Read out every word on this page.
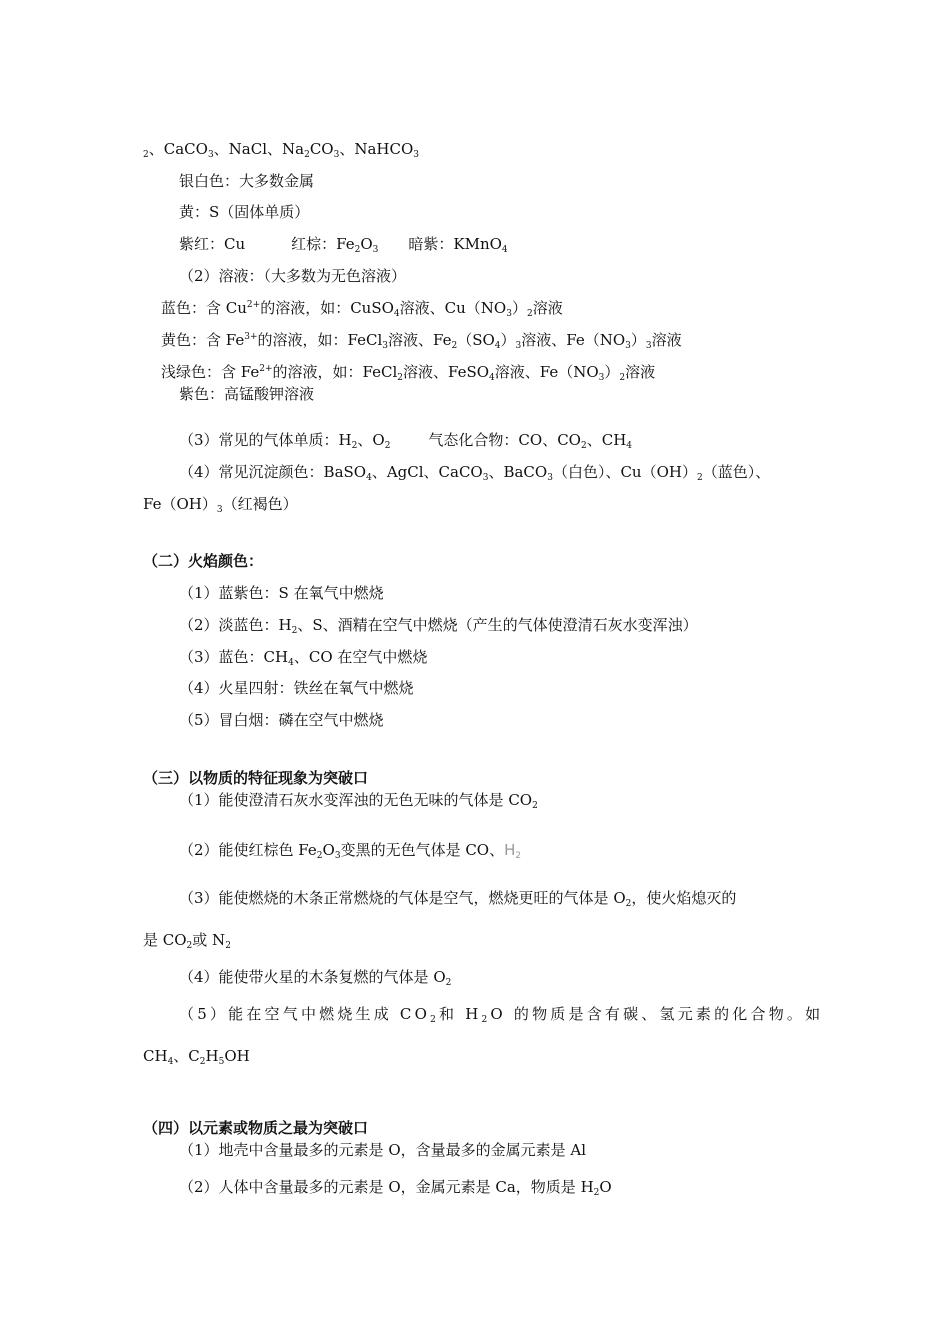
$_2$、CaCO$_3$、NaCl、$Na_2CO_3$、NaHCO$_3$
银白色：大多数金属
黄：S（固体单质）
紫红：Cu	红棕：$Fe_2O_3$ 暗紫：KMnO$_4$
（2）溶液：（大多数为无色溶液）
蓝色：含 $Cu^{2+}$的溶液，如：CuSO$_4$溶液、$Cu(NO_3)_2$溶液
黄色：含 $Fe^{3+}$的溶液，如：FeCl$_3$溶液、$Fe_2(SO_4)_3$溶液、$Fe(NO_3)_3$溶液
浅绿色：含 $Fe^{2+}$的溶液，如：FeCl$_2$溶液、FeSO$_4$溶液、$Fe(NO_3)_2$溶液
紫色：高锰酸钾溶液
（3）常见的气体单质：$H_2$、$O_2$	气态化合物：CO、$CO_2$、$CH_4$
（4）常见沉淀颜色：BaSO$_4$、AgCl、CaCO$_3$、BaCO$_3$（白色）、$Cu(OH)_2$（蓝色）、
$Fe(OH)_3$（红褐色）
（二）火焰颜色：
（1）蓝紫色：S 在氧气中燃烧
（2）淡蓝色：$H_2$、S、酒精在空气中燃烧（产生的气体使澄清石灰水变浑浊）
（3）蓝色：$CH_4$、CO 在空气中燃烧
（4）火星四射：铁丝在氧气中燃烧
（5）冒白烟：磷在空气中燃烧
（三）以物质的特征现象为突破口
（1）能使澄清石灰水变浑浊的无色无味的气体是 $CO_2$
（2）能使红棕色 $Fe_2O_3$变黑的无色气体是 CO、$H_2$
（3）能使燃烧的木条正常燃烧的气体是空气，燃烧更旺的气体是 $O_2$，使火焰熄灭的
是 $CO_2$或 $N_2$
（4）能使带火星的木条复燃的气体是 $O_2$
（5）能在空气中燃烧生成 $CO_2$和 $H_2O$ 的物质是含有碳、氢元素的化合物。如
$CH_4$、$C_2H_5OH$
（四）以元素或物质之最为突破口
（1）地壳中含量最多的元素是 O，含量最多的金属元素是 Al
（2）人体中含量最多的元素是 O，金属元素是 Ca，物质是 $H_2O$
